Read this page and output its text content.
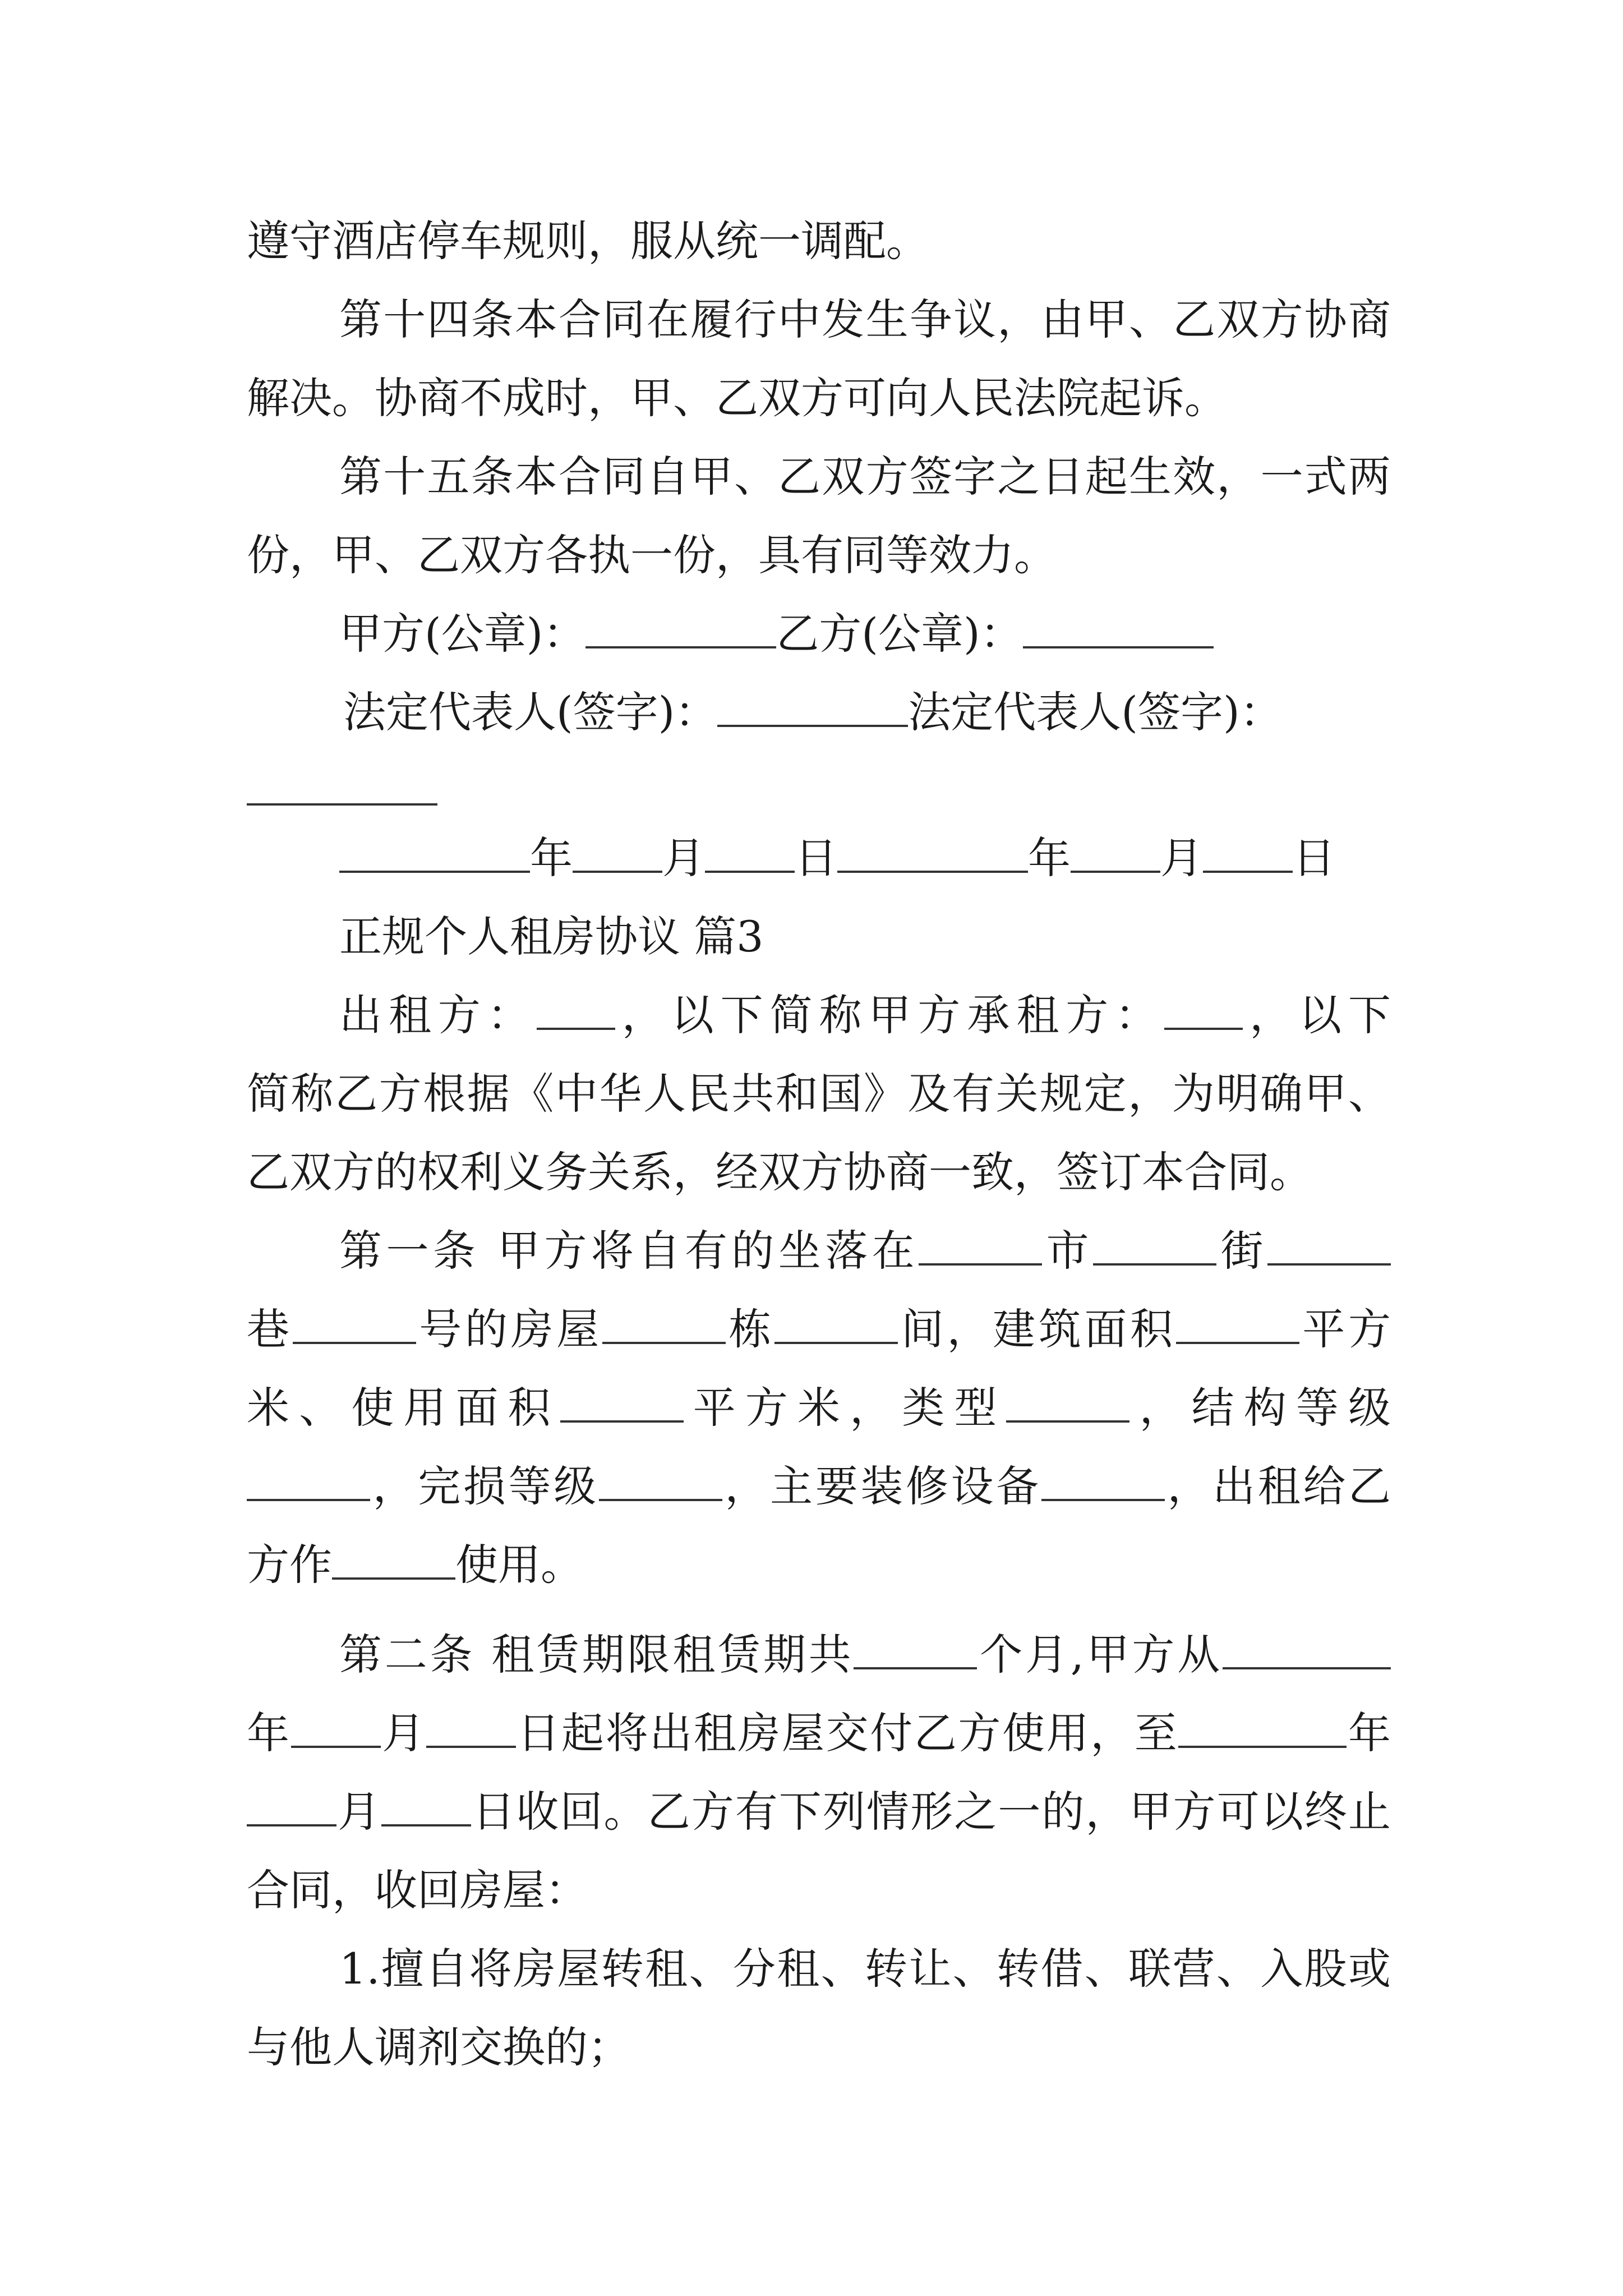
遵守酒店停车规则，服从统一调配。

第十四条本合同在履行中发生争议，由甲、乙双方协商

解决。协商不成时，甲、乙双方可向人民法院起诉。

第十五条本合同自甲、乙双方签字之日起生效，一式两

份，甲、乙双方各执一份，具有同等效力。

甲方(公章)：	乙方(公章)：

法定代表人(签字)：	法定代表人(签字)：

年 月 日	年 月 日

正规个人租房协议 篇3

出租方： ，以下简称甲方承租方： ，以下

简称乙方根据《中华人民共和国》及有关规定，为明确甲、

乙双方的权利义务关系，经双方协商一致，签订本合同。

第一条 甲方将自有的坐落在	市	街

巷	号的房屋	栋	间，建筑面积	平方

米、使用面积	平方米，类型	，结构等级

，完损等级	，主要装修设备	，出租给乙

方作	使用。

第二条 租赁期限租赁期共	个月,甲方从

年 月 日起将出租房屋交付乙方使用，至	年

月 日收回。乙方有下列情形之一的，甲方可以终止

合同，收回房屋：

1.擅自将房屋转租、分租、转让、转借、联营、入股或

与他人调剂交换的；
